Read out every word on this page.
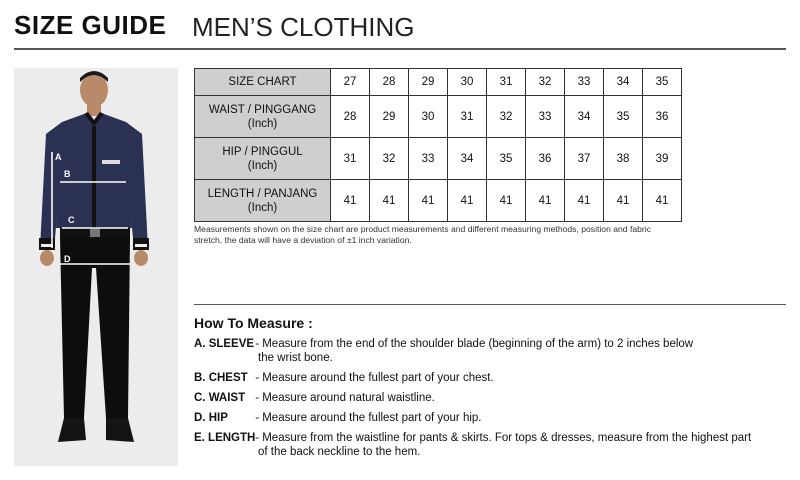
SIZE GUIDE MEN’S CLOTHING
A
B
C
D
SIZE CHART	27	28	29	30	31	32	33	34	35

WAIST / PINGGANG
(Inch)	28	29	30	31	32	33	34	35	36

HIP / PINGGUL
(Inch)	31	32	33	34	35	36	37	38	39

LENGTH / PANJANG
(Inch)	41	41	41	41	41	41	41	41	41
Measurements shown on the size chart are product measurements and different measuring methods, position and fabric stretch, the data will have a deviation of ±1 inch variation.
How To Measure :
A. SLEEVE - Measure from the end of the shoulder blade (beginning of the arm) to 2 inches below
the wrist bone.
B. CHEST - Measure around the fullest part of your chest.
C. WAIST - Measure around natural waistline.
D. HIP - Measure around the fullest part of your hip.
E. LENGTH - Measure from the waistline for pants & skirts. For tops & dresses, measure from the highest part
of the back neckline to the hem.
